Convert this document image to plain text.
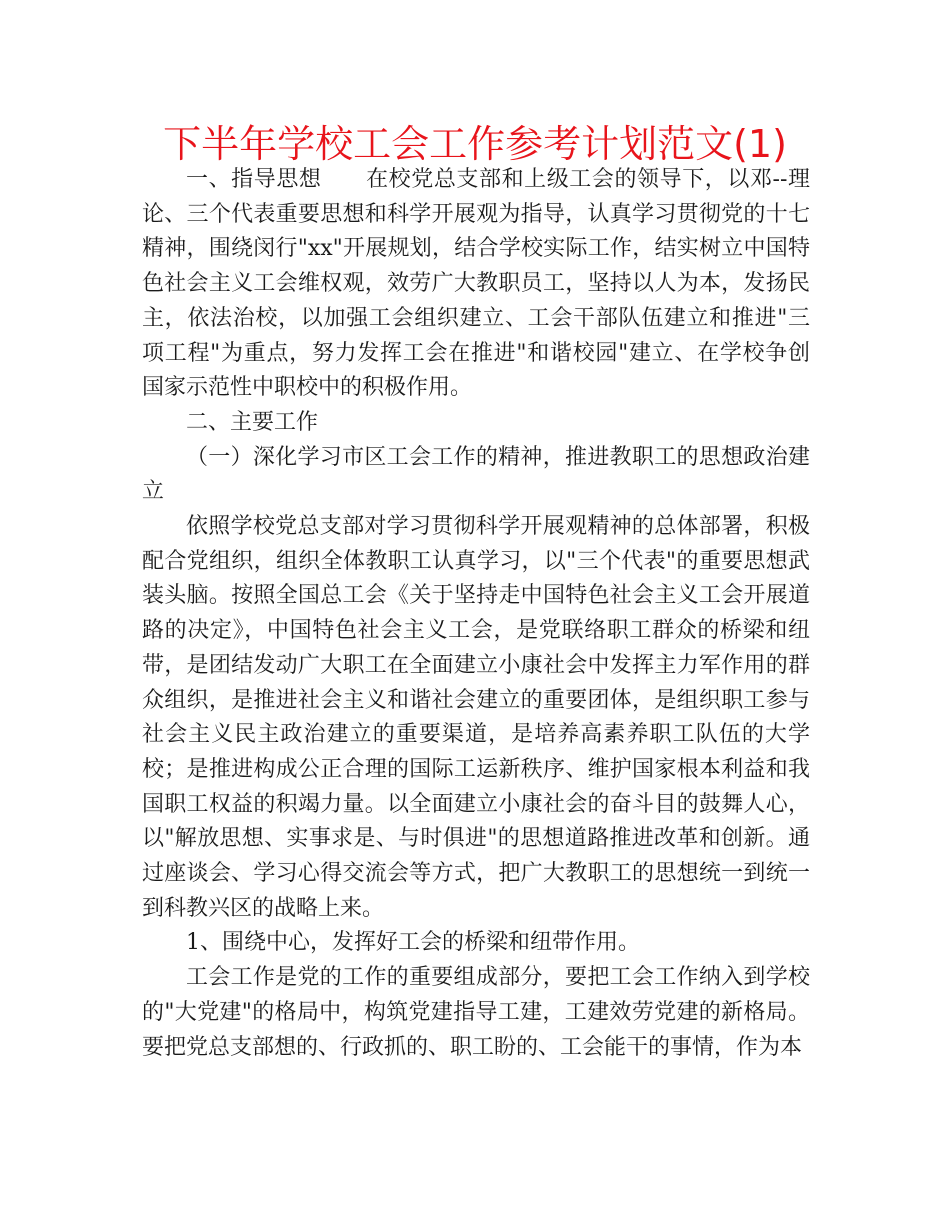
下半年学校工会工作参考计划范文(1)

一、指导思想 在校党总支部和上级工会的领导下，以邓--理论、三个代表重要思想和科学开展观为指导，认真学习贯彻党的十七精神，围绕闵行"xx"开展规划，结合学校实际工作，结实树立中国特色社会主义工会维权观，效劳广大教职员工，坚持以人为本，发扬民主，依法治校，以加强工会组织建立、工会干部队伍建立和推进"三项工程"为重点，努力发挥工会在推进"和谐校园"建立、在学校争创国家示范性中职校中的积极作用。

二、主要工作

（一）深化学习市区工会工作的精神，推进教职工的思想政治建立

依照学校党总支部对学习贯彻科学开展观精神的总体部署，积极配合党组织，组织全体教职工认真学习，以"三个代表"的重要思想武装头脑。按照全国总工会《关于坚持走中国特色社会主义工会开展道路的决定》，中国特色社会主义工会，是党联络职工群众的桥梁和纽带，是团结发动广大职工在全面建立小康社会中发挥主力军作用的群众组织，是推进社会主义和谐社会建立的重要团体，是组织职工参与社会主义民主政治建立的重要渠道，是培养高素养职工队伍的大学校；是推进构成公正合理的国际工运新秩序、维护国家根本利益和我国职工权益的积竭力量。以全面建立小康社会的奋斗目的鼓舞人心，以"解放思想、实事求是、与时俱进"的思想道路推进改革和创新。通过座谈会、学习心得交流会等方式，把广大教职工的思想统一到统一到科教兴区的战略上来。

1、围绕中心，发挥好工会的桥梁和纽带作用。

工会工作是党的工作的重要组成部分，要把工会工作纳入到学校的"大党建"的格局中，构筑党建指导工建，工建效劳党建的新格局。要把党总支部想的、行政抓的、职工盼的、工会能干的事情，作为本
